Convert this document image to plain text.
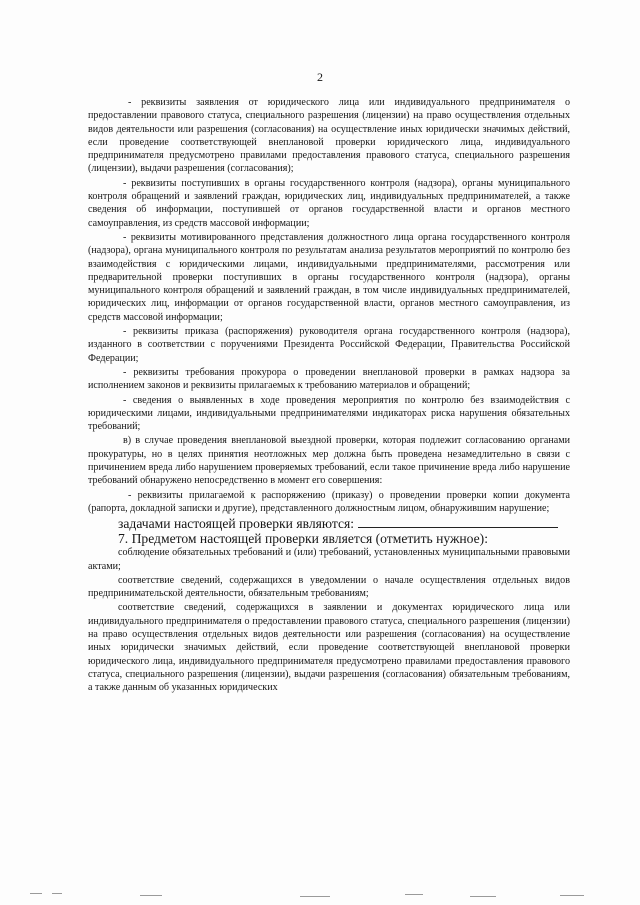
2

- реквизиты заявления от юридического лица или индивидуального предпринимателя о предоставлении правового статуса, специального разрешения (лицензии) на право осуществления отдельных видов деятельности или разрешения (согласования) на осуществление иных юридически значимых действий, если проведение соответствующей внеплановой проверки юридического лица, индивидуального предпринимателя предусмотрено правилами предоставления правового статуса, специального разрешения (лицензии), выдачи разрешения (согласования);

- реквизиты поступивших в органы государственного контроля (надзора), органы муниципального контроля обращений и заявлений граждан, юридических лиц, индивидуальных предпринимателей, а также сведения об информации, поступившей от органов государственной власти и органов местного самоуправления, из средств массовой информации;

- реквизиты мотивированного представления должностного лица органа государственного контроля (надзора), органа муниципального контроля по результатам анализа результатов мероприятий по контролю без взаимодействия с юридическими лицами, индивидуальными предпринимателями, рассмотрения или предварительной проверки поступивших в органы государственного контроля (надзора), органы муниципального контроля обращений и заявлений граждан, в том числе индивидуальных предпринимателей, юридических лиц, информации от органов государственной власти, органов местного самоуправления, из средств массовой информации;

- реквизиты приказа (распоряжения) руководителя органа государственного контроля (надзора), изданного в соответствии с поручениями Президента Российской Федерации, Правительства Российской Федерации;

- реквизиты требования прокурора о проведении внеплановой проверки в рамках надзора за исполнением законов и реквизиты прилагаемых к требованию материалов и обращений;

- сведения о выявленных в ходе проведения мероприятия по контролю без взаимодействия с юридическими лицами, индивидуальными предпринимателями индикаторах риска нарушения обязательных требований;

в) в случае проведения внеплановой выездной проверки, которая подлежит согласованию органами прокуратуры, но в целях принятия неотложных мер должна быть проведена незамедлительно в связи с причинением вреда либо нарушением проверяемых требований, если такое причинение вреда либо нарушение требований обнаружено непосредственно в момент его совершения:

- реквизиты прилагаемой к распоряжению (приказу) о проведении проверки копии документа (рапорта, докладной записки и другие), представленного должностным лицом, обнаружившим нарушение;

задачами настоящей проверки являются:

7. Предметом настоящей проверки является (отметить нужное):

соблюдение обязательных требований и (или) требований, установленных муниципальными правовыми актами;

соответствие сведений, содержащихся в уведомлении о начале осуществления отдельных видов предпринимательской деятельности, обязательным требованиям;

соответствие сведений, содержащихся в заявлении и документах юридического лица или индивидуального предпринимателя о предоставлении правового статуса, специального разрешения (лицензии) на право осуществления отдельных видов деятельности или разрешения (согласования) на осуществление иных юридически значимых действий, если проведение соответствующей внеплановой проверки юридического лица, индивидуального предпринимателя предусмотрено правилами предоставления правового статуса, специального разрешения (лицензии), выдачи разрешения (согласования) обязательным требованиям, а также данным об указанных юридических
